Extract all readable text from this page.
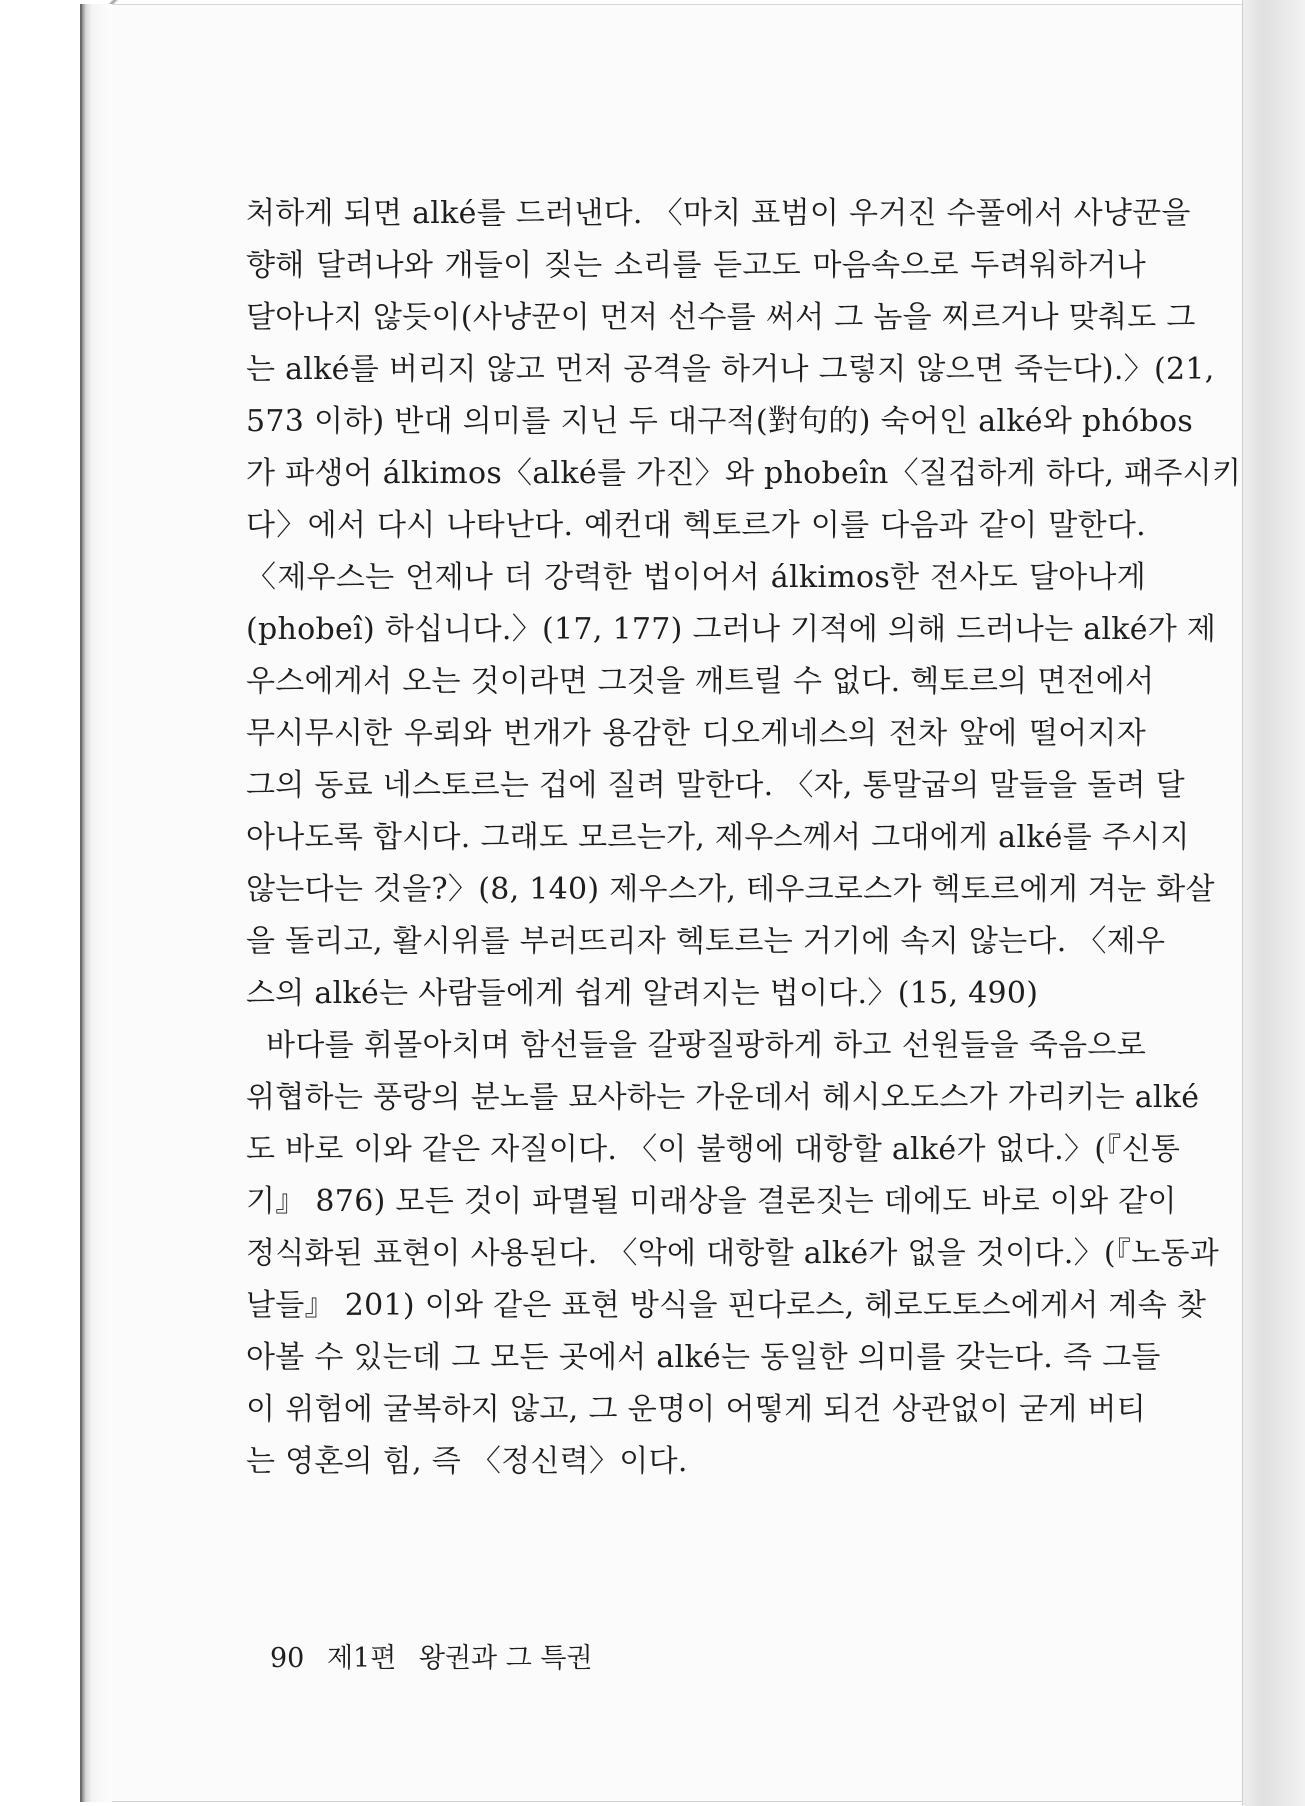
처하게 되면 alké를 드러낸다. 〈마치 표범이 우거진 수풀에서 사냥꾼을
향해 달려나와 개들이 짖는 소리를 듣고도 마음속으로 두려워하거나
달아나지 않듯이(사냥꾼이 먼저 선수를 써서 그 놈을 찌르거나 맞춰도 그
는 alké를 버리지 않고 먼저 공격을 하거나 그렇지 않으면 죽는다).〉(21,
573 이하) 반대 의미를 지닌 두 대구적(對句的) 숙어인 alké와 phóbos
가 파생어 álkimos〈alké를 가진〉와 phobeîn〈질겁하게 하다, 패주시키
다〉에서 다시 나타난다. 예컨대 헥토르가 이를 다음과 같이 말한다.
〈제우스는 언제나 더 강력한 법이어서 álkimos한 전사도 달아나게
(phobeî) 하십니다.〉(17, 177) 그러나 기적에 의해 드러나는 alké가 제
우스에게서 오는 것이라면 그것을 깨트릴 수 없다. 헥토르의 면전에서
무시무시한 우뢰와 번개가 용감한 디오게네스의 전차 앞에 떨어지자
그의 동료 네스토르는 겁에 질려 말한다. 〈자, 통말굽의 말들을 돌려 달
아나도록 합시다. 그래도 모르는가, 제우스께서 그대에게 alké를 주시지
않는다는 것을?〉(8, 140) 제우스가, 테우크로스가 헥토르에게 겨눈 화살
을 돌리고, 활시위를 부러뜨리자 헥토르는 거기에 속지 않는다. 〈제우
스의 alké는 사람들에게 쉽게 알려지는 법이다.〉(15, 490)
바다를 휘몰아치며 함선들을 갈팡질팡하게 하고 선원들을 죽음으로
위협하는 풍랑의 분노를 묘사하는 가운데서 헤시오도스가 가리키는 alké
도 바로 이와 같은 자질이다. 〈이 불행에 대항할 alké가 없다.〉(『신통
기』 876) 모든 것이 파멸될 미래상을 결론짓는 데에도 바로 이와 같이
정식화된 표현이 사용된다. 〈악에 대항할 alké가 없을 것이다.〉(『노동과
날들』 201) 이와 같은 표현 방식을 핀다로스, 헤로도토스에게서 계속 찾
아볼 수 있는데 그 모든 곳에서 alké는 동일한 의미를 갖는다. 즉 그들
이 위험에 굴복하지 않고, 그 운명이 어떻게 되건 상관없이 굳게 버티
는 영혼의 힘, 즉 〈정신력〉이다.
90 제1편 왕권과 그 특권
